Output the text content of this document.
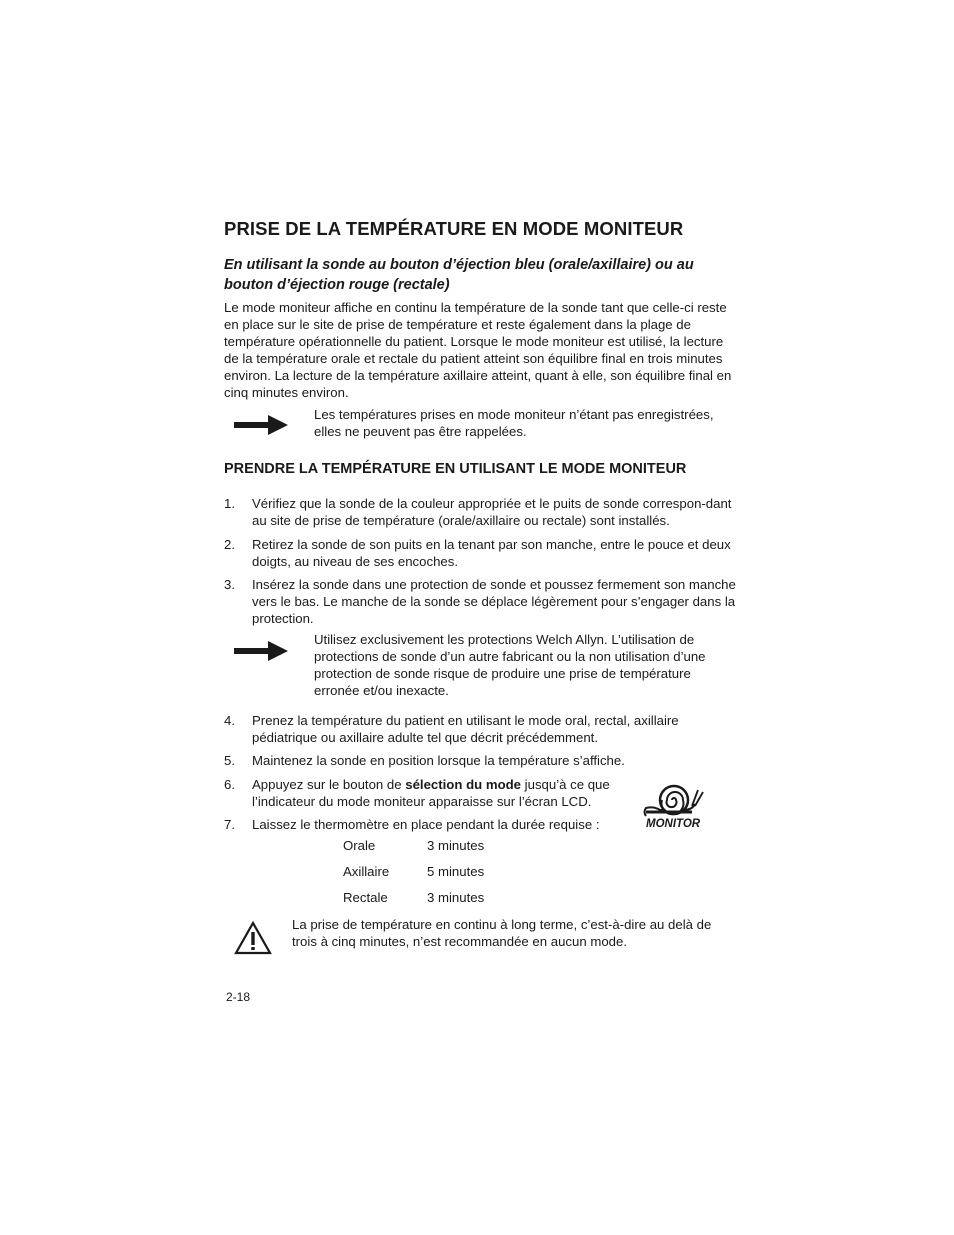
PRISE DE LA TEMPÉRATURE EN MODE MONITEUR
En utilisant la sonde au bouton d’éjection bleu (orale/axillaire) ou au bouton d’éjection rouge (rectale)
Le mode moniteur affiche en continu la température de la sonde tant que celle-ci reste en place sur le site de prise de température et reste également dans la plage de température opérationnelle du patient. Lorsque le mode moniteur est utilisé, la lecture de la température orale et rectale du patient atteint son équilibre final en trois minutes environ. La lecture de la température axillaire atteint, quant à elle, son équilibre final en cinq minutes environ.
Les températures prises en mode moniteur n’étant pas enregistrées, elles ne peuvent pas être rappelées.
PRENDRE LA TEMPÉRATURE EN UTILISANT LE MODE MONITEUR
1. Vérifiez que la sonde de la couleur appropriée et le puits de sonde correspon-dant au site de prise de température (orale/axillaire ou rectale) sont installés.
2. Retirez la sonde de son puits en la tenant par son manche, entre le pouce et deux doigts, au niveau de ses encoches.
3. Insérez la sonde dans une protection de sonde et poussez fermement son manche vers le bas. Le manche de la sonde se déplace légèrement pour s’engager dans la protection.
Utilisez exclusivement les protections Welch Allyn. L’utilisation de protections de sonde d’un autre fabricant ou la non utilisation d’une protection de sonde risque de produire une prise de température erronée et/ou inexacte.
4. Prenez la température du patient en utilisant le mode oral, rectal, axillaire pédiatrique ou axillaire adulte tel que décrit précédemment.
5. Maintenez la sonde en position lorsque la température s’affiche.
6. Appuyez sur le bouton de sélection du mode jusqu’à ce que l’indicateur du mode moniteur apparaisse sur l’écran LCD.
7. Laissez le thermomètre en place pendant la durée requise :	MONITOR
Orale	3 minutes
Axillaire	5 minutes
Rectale	3 minutes
La prise de température en continu à long terme, c’est-à-dire au delà de trois à cinq minutes, n’est recommandée en aucun mode.
2-18
